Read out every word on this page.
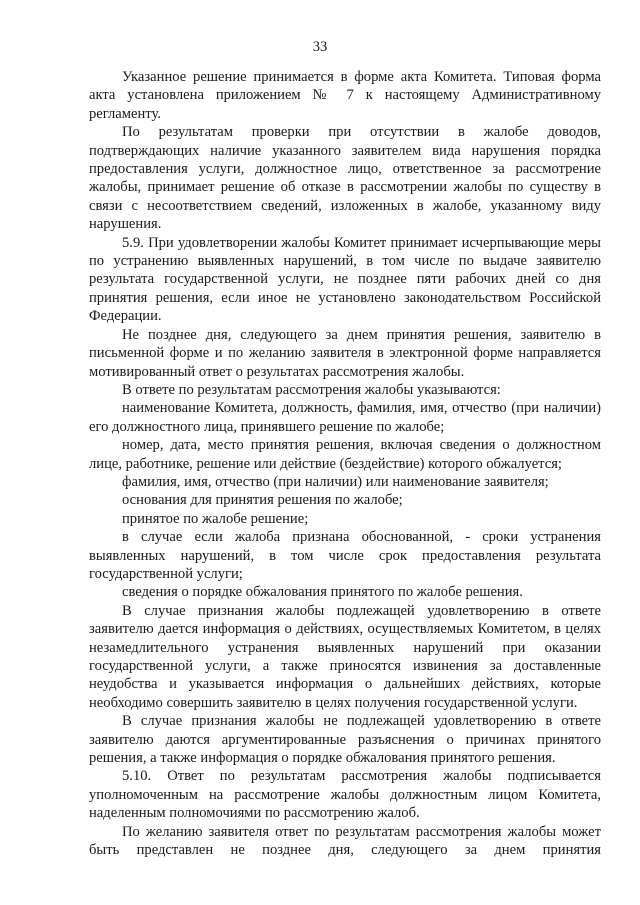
33

Указанное решение принимается в форме акта Комитета. Типовая форма акта установлена приложением № 7 к настоящему Административному регламенту.

По результатам проверки при отсутствии в жалобе доводов, подтверждающих наличие указанного заявителем вида нарушения порядка предоставления услуги, должностное лицо, ответственное за рассмотрение жалобы, принимает решение об отказе в рассмотрении жалобы по существу в связи с несоответствием сведений, изложенных в жалобе, указанному виду нарушения.

5.9. При удовлетворении жалобы Комитет принимает исчерпывающие меры по устранению выявленных нарушений, в том числе по выдаче заявителю результата государственной услуги, не позднее пяти рабочих дней со дня принятия решения, если иное не установлено законодательством Российской Федерации.

Не позднее дня, следующего за днем принятия решения, заявителю в письменной форме и по желанию заявителя в электронной форме направляется мотивированный ответ о результатах рассмотрения жалобы.

В ответе по результатам рассмотрения жалобы указываются:

наименование Комитета, должность, фамилия, имя, отчество (при наличии) его должностного лица, принявшего решение по жалобе;

номер, дата, место принятия решения, включая сведения о должностном лице, работнике, решение или действие (бездействие) которого обжалуется;

фамилия, имя, отчество (при наличии) или наименование заявителя;

основания для принятия решения по жалобе;

принятое по жалобе решение;

в случае если жалоба признана обоснованной, - сроки устранения выявленных нарушений, в том числе срок предоставления результата государственной услуги;

сведения о порядке обжалования принятого по жалобе решения.

В случае признания жалобы подлежащей удовлетворению в ответе заявителю дается информация о действиях, осуществляемых Комитетом, в целях незамедлительного устранения выявленных нарушений при оказании государственной услуги, а также приносятся извинения за доставленные неудобства и указывается информация о дальнейших действиях, которые необходимо совершить заявителю в целях получения государственной услуги.

В случае признания жалобы не подлежащей удовлетворению в ответе заявителю даются аргументированные разъяснения о причинах принятого решения, а также информация о порядке обжалования принятого решения.

5.10. Ответ по результатам рассмотрения жалобы подписывается уполномоченным на рассмотрение жалобы должностным лицом Комитета, наделенным полномочиями по рассмотрению жалоб.

По желанию заявителя ответ по результатам рассмотрения жалобы может быть представлен не позднее дня, следующего за днем принятия
